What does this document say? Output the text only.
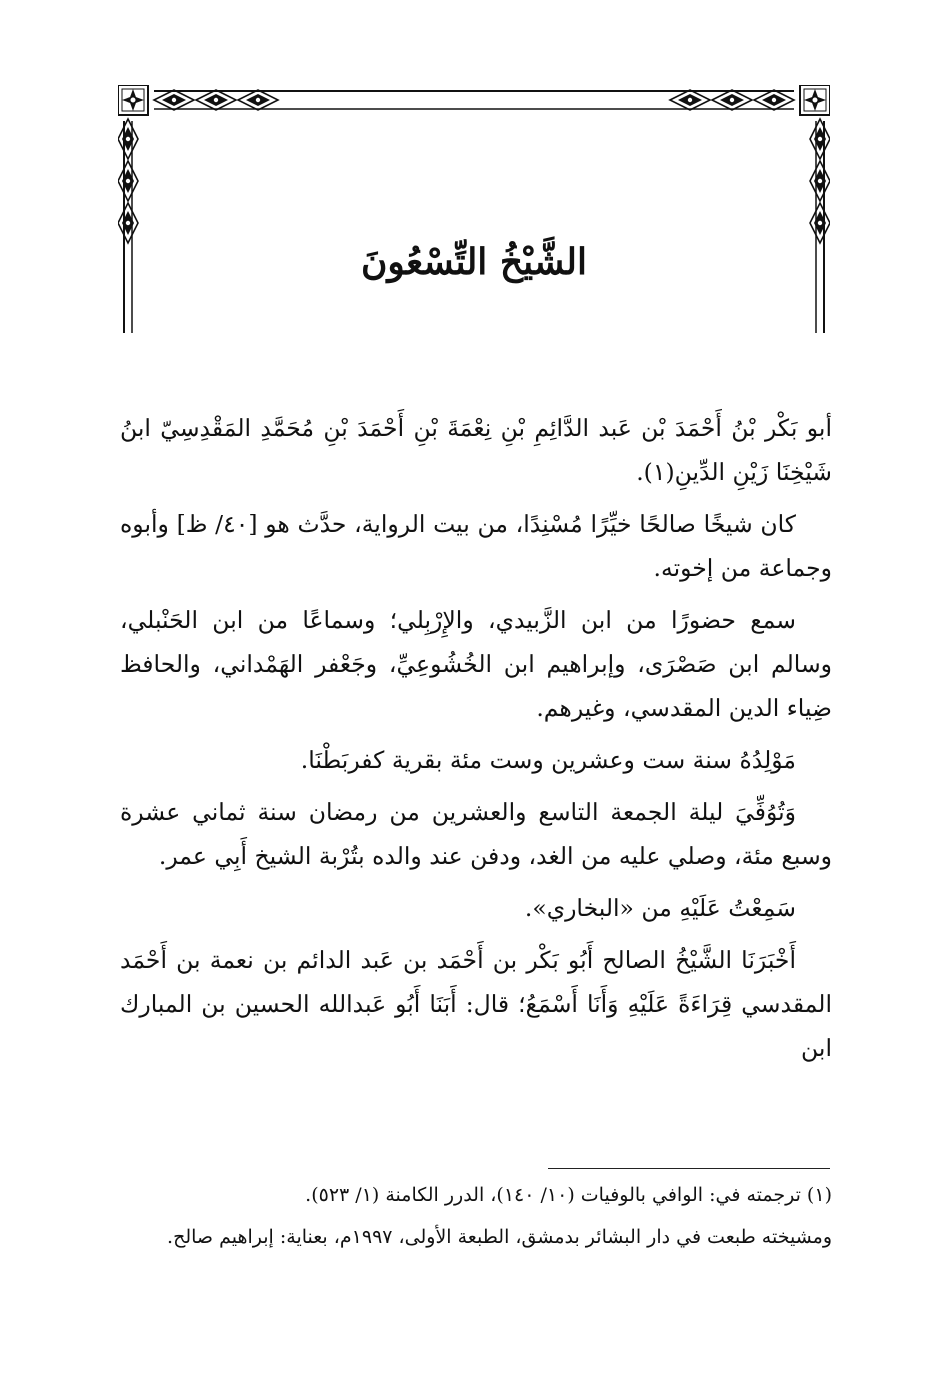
الشَّيْخُ التِّسْعُونَ

أبو بَكْر بْنُ أَحْمَدَ بْن عَبد الدَّائِمِ بْنِ نِعْمَةَ بْنِ أَحْمَدَ بْنِ مُحَمَّدِ المَقْدِسِيّ ابنُ شَيْخِنَا زَيْنِ الدِّينِ(١).

كان شيخًا صالحًا خيِّرًا مُسْنِدًا، من بيت الرواية، حدَّث هو [٤٠/ ظ] وأبوه وجماعة من إخوته.

سمع حضورًا من ابن الزَّبيدي، والإِرْبِلي؛ وسماعًا من ابن الحَنْبلي، وسالم ابن صَصْرَى، وإبراهيم ابن الخُشُوعِيِّ، وجَعْفر الهَمْداني، والحافظ ضِياء الدين المقدسي، وغيرهم.

مَوْلِدُهُ سنة ست وعشرين وست مئة بقرية كفربَطْنَا.

وَتُوُفِّيَ ليلة الجمعة التاسع والعشرين من رمضان سنة ثماني عشرة وسبع مئة، وصلي عليه من الغد، ودفن عند والده بتُرْبة الشيخ أَبِي عمر.

سَمِعْتُ عَلَيْهِ من «البخاري».

أَخْبَرَنَا الشَّيْخُ الصالح أَبُو بَكْر بن أَحْمَد بن عَبد الدائم بن نعمة بن أَحْمَد المقدسي قِرَاءَةً عَلَيْهِ وَأَنَا أَسْمَعُ؛ قال: أَبَنَا أَبُو عَبدالله الحسين بن المبارك ابن

(١) ترجمته في: الوافي بالوفيات (١٠/ ١٤٠)، الدرر الكامنة (١/ ٥٢٣).

ومشيخته طبعت في دار البشائر بدمشق، الطبعة الأولى، ١٩٩٧م، بعناية: إبراهيم صالح.
